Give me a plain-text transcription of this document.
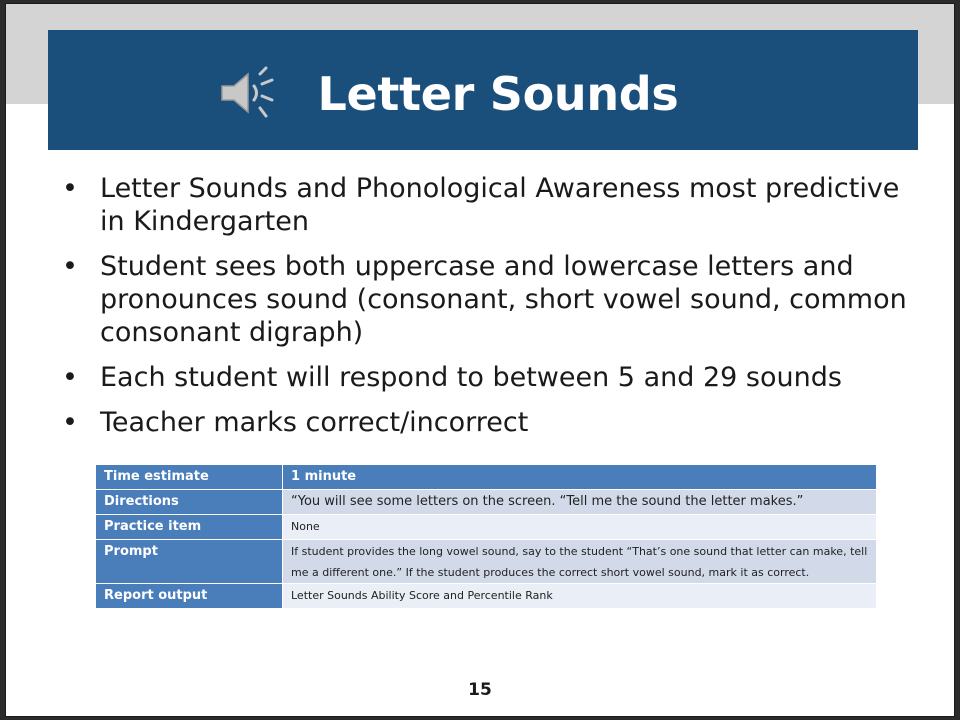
Letter Sounds
• Letter Sounds and Phonological Awareness most predictive in Kindergarten
• Student sees both uppercase and lowercase letters and pronounces sound (consonant, short vowel sound, common consonant digraph)
• Each student will respond to between 5 and 29 sounds
• Teacher marks correct/incorrect
Time estimate	1 minute
Directions	“You will see some letters on the screen. “Tell me the sound the letter makes.”
Practice item	None
Prompt	If student provides the long vowel sound, say to the student “That’s one sound that letter can make, tell me a different one.” If the student produces the correct short vowel sound, mark it as correct.
Report output	Letter Sounds Ability Score and Percentile Rank
15
